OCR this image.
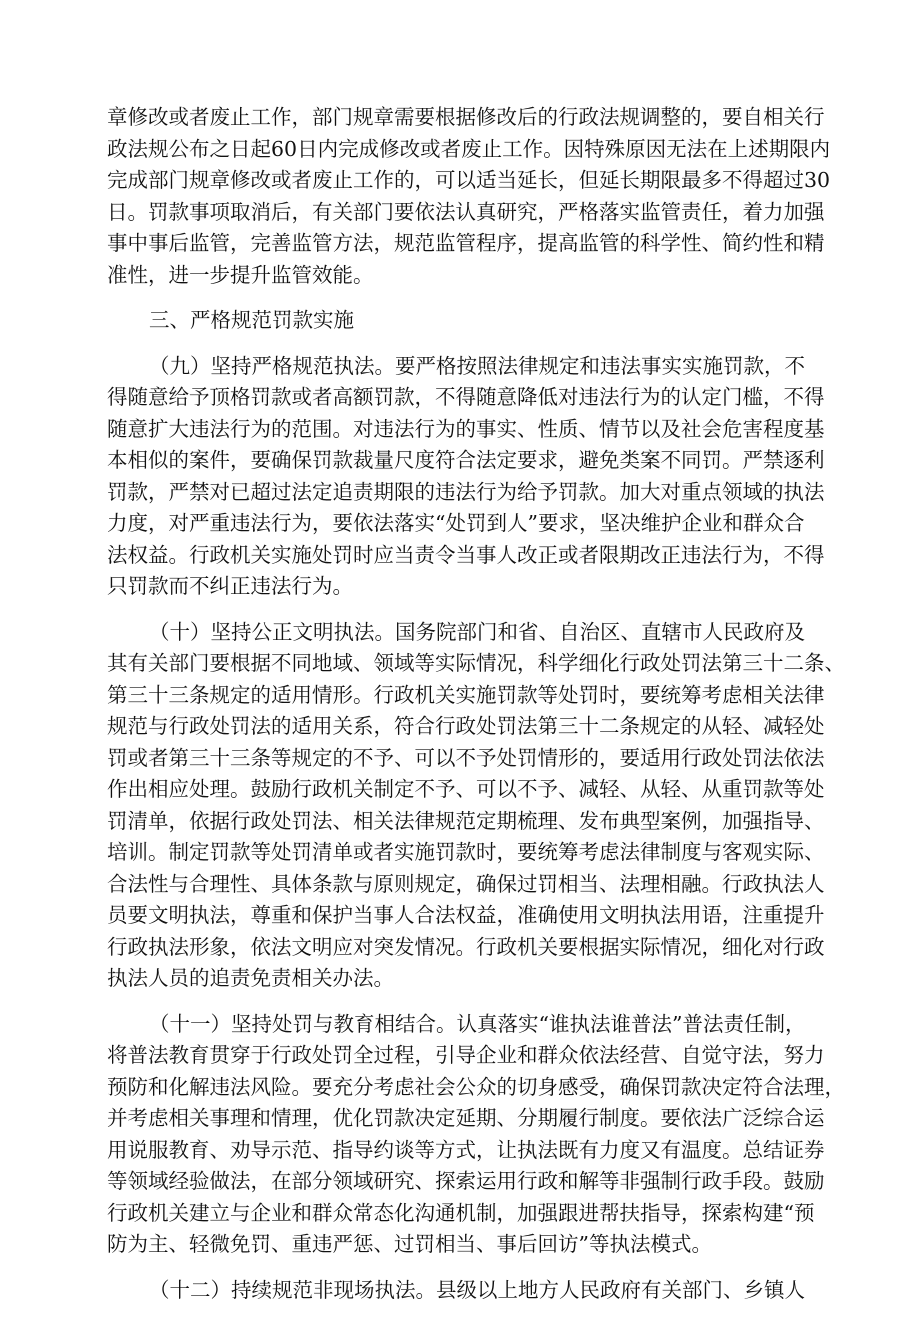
章修改或者废止工作，部门规章需要根据修改后的行政法规调整的，要自相关行
政法规公布之日起60日内完成修改或者废止工作。因特殊原因无法在上述期限内
完成部门规章修改或者废止工作的，可以适当延长，但延长期限最多不得超过30
日。罚款事项取消后，有关部门要依法认真研究，严格落实监管责任，着力加强
事中事后监管，完善监管方法，规范监管程序，提高监管的科学性、简约性和精
准性，进一步提升监管效能。
三、严格规范罚款实施
（九）坚持严格规范执法。要严格按照法律规定和违法事实实施罚款，不
得随意给予顶格罚款或者高额罚款，不得随意降低对违法行为的认定门槛，不得
随意扩大违法行为的范围。对违法行为的事实、性质、情节以及社会危害程度基
本相似的案件，要确保罚款裁量尺度符合法定要求，避免类案不同罚。严禁逐利
罚款，严禁对已超过法定追责期限的违法行为给予罚款。加大对重点领域的执法
力度，对严重违法行为，要依法落实“处罚到人”要求，坚决维护企业和群众合
法权益。行政机关实施处罚时应当责令当事人改正或者限期改正违法行为，不得
只罚款而不纠正违法行为。
（十）坚持公正文明执法。国务院部门和省、自治区、直辖市人民政府及
其有关部门要根据不同地域、领域等实际情况，科学细化行政处罚法第三十二条、
第三十三条规定的适用情形。行政机关实施罚款等处罚时，要统筹考虑相关法律
规范与行政处罚法的适用关系，符合行政处罚法第三十二条规定的从轻、减轻处
罚或者第三十三条等规定的不予、可以不予处罚情形的，要适用行政处罚法依法
作出相应处理。鼓励行政机关制定不予、可以不予、减轻、从轻、从重罚款等处
罚清单，依据行政处罚法、相关法律规范定期梳理、发布典型案例，加强指导、
培训。制定罚款等处罚清单或者实施罚款时，要统筹考虑法律制度与客观实际、
合法性与合理性、具体条款与原则规定，确保过罚相当、法理相融。行政执法人
员要文明执法，尊重和保护当事人合法权益，准确使用文明执法用语，注重提升
行政执法形象，依法文明应对突发情况。行政机关要根据实际情况，细化对行政
执法人员的追责免责相关办法。
（十一）坚持处罚与教育相结合。认真落实“谁执法谁普法”普法责任制，
将普法教育贯穿于行政处罚全过程，引导企业和群众依法经营、自觉守法，努力
预防和化解违法风险。要充分考虑社会公众的切身感受，确保罚款决定符合法理，
并考虑相关事理和情理，优化罚款决定延期、分期履行制度。要依法广泛综合运
用说服教育、劝导示范、指导约谈等方式，让执法既有力度又有温度。总结证券
等领域经验做法，在部分领域研究、探索运用行政和解等非强制行政手段。鼓励
行政机关建立与企业和群众常态化沟通机制，加强跟进帮扶指导，探索构建“预
防为主、轻微免罚、重违严惩、过罚相当、事后回访”等执法模式。
（十二）持续规范非现场执法。县级以上地方人民政府有关部门、乡镇人
